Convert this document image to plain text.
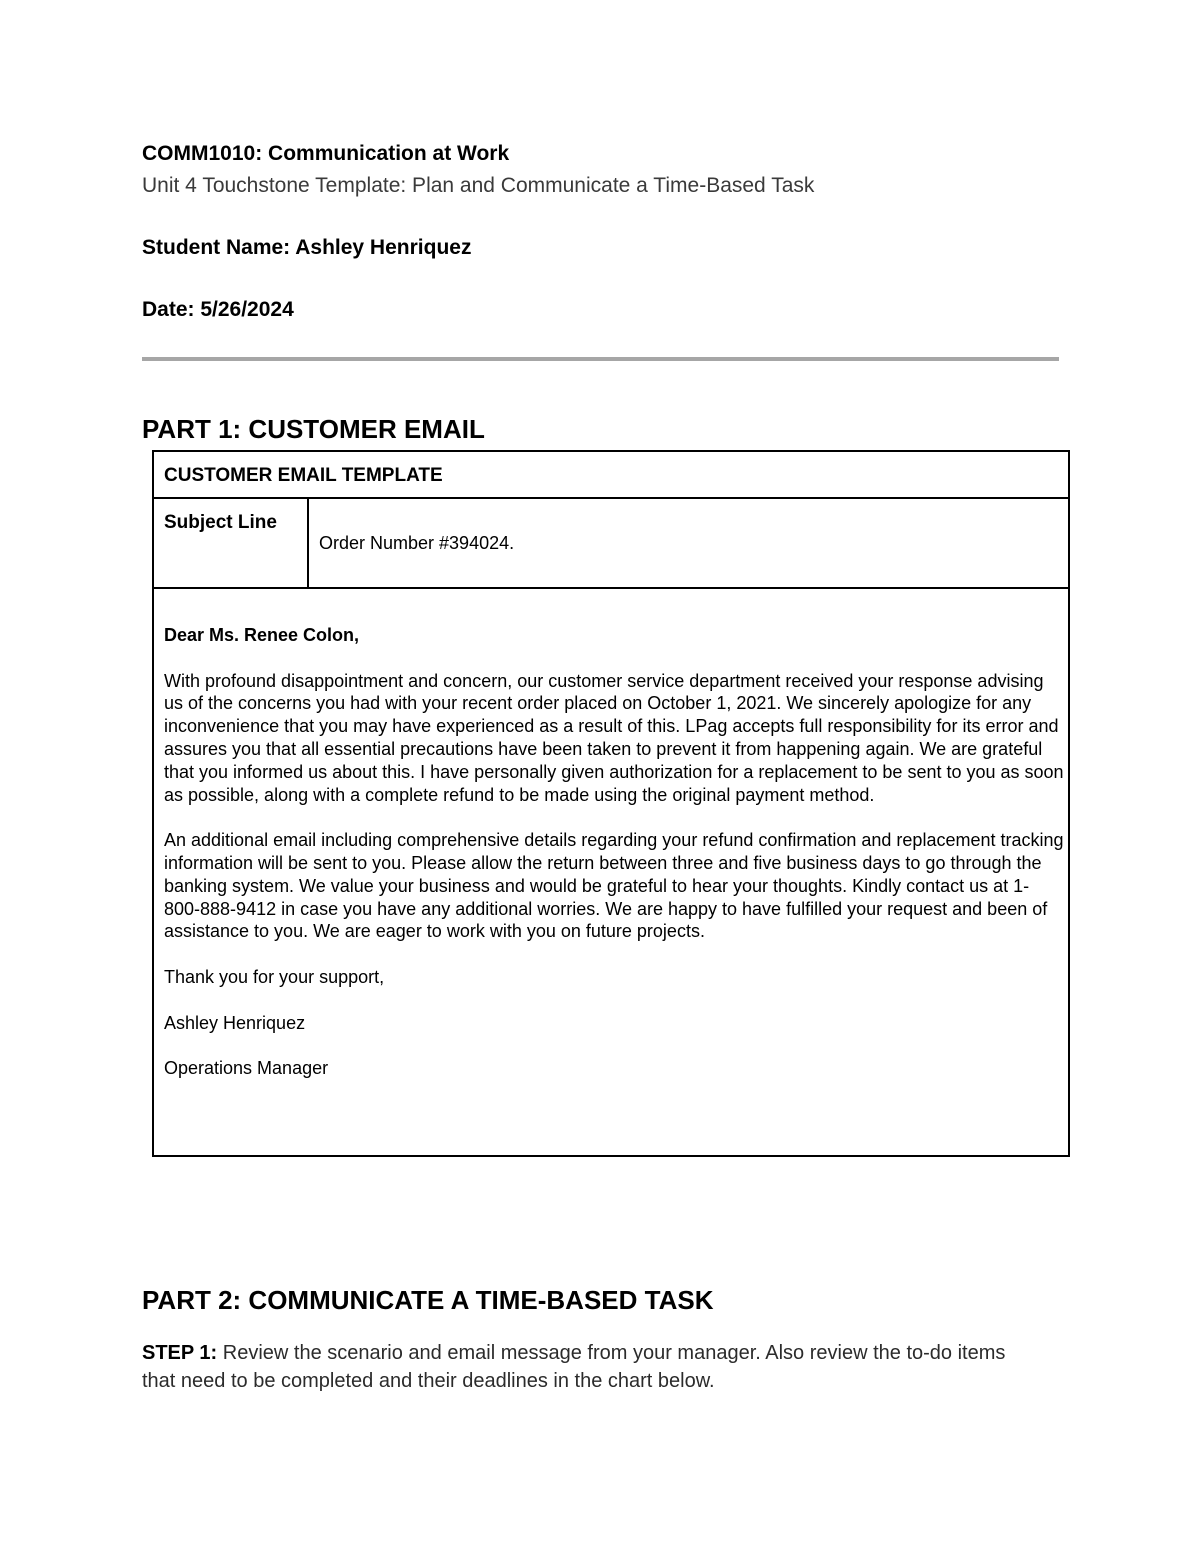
COMM1010: Communication at Work
Unit 4 Touchstone Template: Plan and Communicate a Time-Based Task
Student Name: Ashley Henriquez
Date: 5/26/2024
PART 1: CUSTOMER EMAIL
CUSTOMER EMAIL TEMPLATE
Subject Line
Order Number #394024.

Dear Ms. Renee Colon,

With profound disappointment and concern, our customer service department received your response advising us of the concerns you had with your recent order placed on October 1, 2021. We sincerely apologize for any inconvenience that you may have experienced as a result of this. LPag accepts full responsibility for its error and assures you that all essential precautions have been taken to prevent it from happening again. We are grateful that you informed us about this. I have personally given authorization for a replacement to be sent to you as soon as possible, along with a complete refund to be made using the original payment method.

An additional email including comprehensive details regarding your refund confirmation and replacement tracking information will be sent to you. Please allow the return between three and five business days to go through the banking system. We value your business and would be grateful to hear your thoughts. Kindly contact us at 1-800-888-9412 in case you have any additional worries. We are happy to have fulfilled your request and been of assistance to you. We are eager to work with you on future projects.

Thank you for your support,

Ashley Henriquez

Operations Manager

PART 2: COMMUNICATE A TIME-BASED TASK
STEP 1: Review the scenario and email message from your manager. Also review the to-do items that need to be completed and their deadlines in the chart below.
